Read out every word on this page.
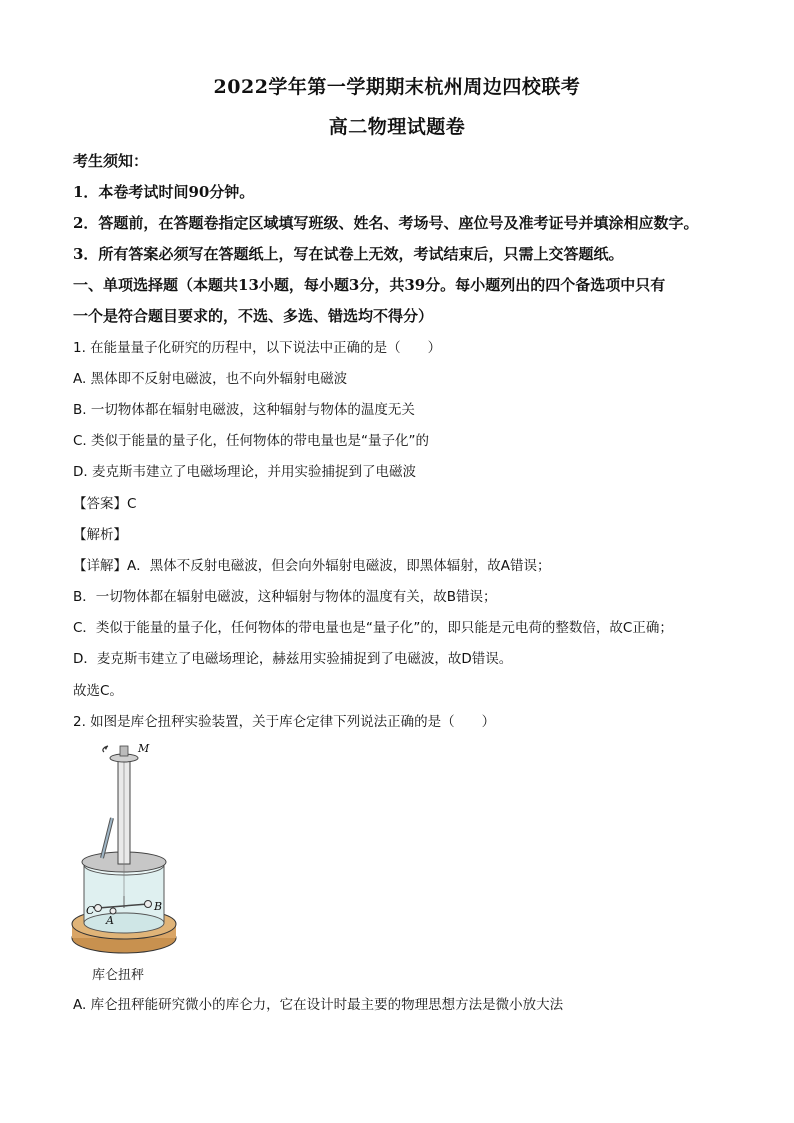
2022学年第一学期期末杭州周边四校联考
高二物理试题卷
考生须知：
1．本卷考试时间90分钟。
2．答题前，在答题卷指定区域填写班级、姓名、考场号、座位号及准考证号并填涂相应数字。
3．所有答案必须写在答题纸上，写在试卷上无效，考试结束后，只需上交答题纸。
一、单项选择题（本题共13小题，每小题3分，共39分。每小题列出的四个备选项中只有
一个是符合题目要求的，不选、多选、错选均不得分）
1. 在能量量子化研究的历程中，以下说法中正确的是（　　）
A. 黑体即不反射电磁波，也不向外辐射电磁波
B. 一切物体都在辐射电磁波，这种辐射与物体的温度无关
C. 类似于能量的量子化，任何物体的带电量也是“量子化”的
D. 麦克斯韦建立了电磁场理论，并用实验捕捉到了电磁波
【答案】C
【解析】
【详解】A．黑体不反射电磁波，但会向外辐射电磁波，即黑体辐射，故A错误；
B．一切物体都在辐射电磁波，这种辐射与物体的温度有关，故B错误；
C．类似于能量的量子化，任何物体的带电量也是“量子化”的，即只能是元电荷的整数倍，故C正确；
D．麦克斯韦建立了电磁场理论，赫兹用实验捕捉到了电磁波，故D错误。
故选C。
2. 如图是库仑扭秤实验装置，关于库仑定律下列说法正确的是（　　）
M
C
A
B
库仑扭秤
A. 库仑扭秤能研究微小的库仑力，它在设计时最主要的物理思想方法是微小放大法
